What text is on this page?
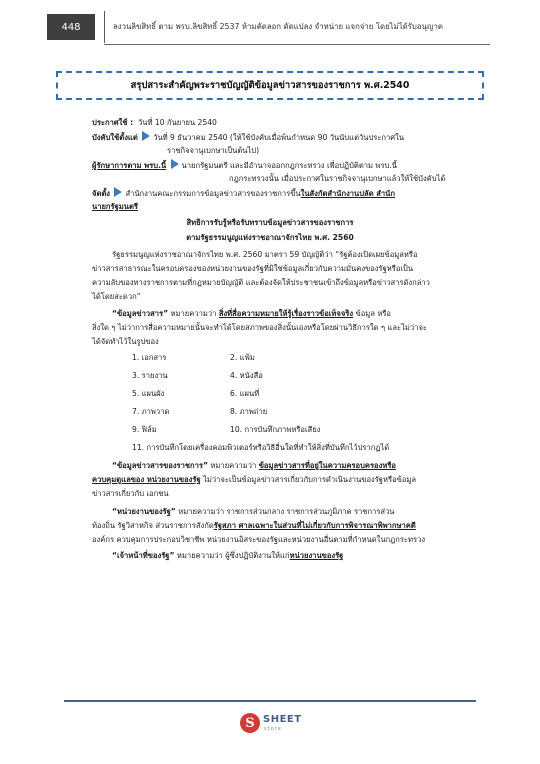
448	ลงวนลิขสิทธิ์ ตาม พรบ.ลิขสิทธิ์ 2537 ห้ามคัดลอก ดัดแปลง จำหน่าย แจกจ่าย โดยไม่ได้รับอนุญาต
สรุปสาระสำคัญพระราชบัญญัติข้อมูลข่าวสารของราชการ พ.ศ.2540
ประกาศใช้ : วันที่ 10 กันยายน 2540
บังคับใช้ตั้งแต่ วันที่ 9 ธันวาคม 2540 (ให้ใช้บังคับเมื่อพ้นกำหนด 90 วันนับแต่วันประกาศใน
ราชกิจจานุเบกษาเป็นต้นไป)
ผู้รักษาการตาม พรบ.นี้ นายกรัฐมนตรี และมีอำนาจออกกฎกระทรวง เพื่อปฏิบัติตาม พรบ.นี้
กฎกระทรวงนั้น เมื่อประกาศในราชกิจจานุเบกษาแล้วให้ใช้บังคับได้
จัดตั้ง สำนักงานคณะกรรมการข้อมูลข่าวสารของราชการขึ้นในสังกัดสำนักงานปลัด สำนัก
นายกรัฐมนตรี
สิทธิการรับรู้หรือรับทราบข้อมูลข่าวสารของราชการ
ตามรัฐธรรมนูญแห่งราชอาณาจักรไทย พ.ศ. 2560
รัฐธรรมนูญแห่งราชอาณาจักรไทย พ.ศ. 2560 มาตรา 59 บัญญัติว่า “รัฐต้องเปิดเผยข้อมูลหรือ
ข่าวสารสาธารณะในครอบครองของหน่วยงานของรัฐที่มิใช่ข้อมูลเกี่ยวกับความมั่นคงของรัฐหรือเป็น
ความลับของทางราชการตามที่กฎหมายบัญญัติ และต้องจัดให้ประชาชนเข้าถึงข้อมูลหรือข่าวสารดังกล่าว
ได้โดยสะดวก”
“ข้อมูลข่าวสาร” หมายความว่า สิ่งที่สื่อความหมายให้รู้เรื่องราวข้อเท็จจริง ข้อมูล หรือ
สิ่งใด ๆ ไม่ว่าการสื่อความหมายนั้นจะทำได้โดยสภาพของสิ่งนั้นเองหรือโดยผ่านวิธีการใด ๆ และไม่ว่าจะ
ได้จัดทำไว้ในรูปของ
1. เอกสาร	2. แฟ้ม
3. รายงาน	4. หนังสือ
5. แผนผัง	6. แผนที่
7. ภาพวาด	8. ภาพถ่าย
9. ฟิล์ม	10. การบันทึกภาพหรือเสียง
11. การบันทึกโดยเครื่องคอมพิวเตอร์หรือวิธีอื่นใดที่ทำให้สิ่งที่บันทึกไว้ปรากฏได้
“ข้อมูลข่าวสารของราชการ” หมายความว่า ข้อมูลข่าวสารที่อยู่ในความครอบครองหรือ
ควบคุมดูแลของ หน่วยงานของรัฐ ไม่ว่าจะเป็นข้อมูลข่าวสารเกี่ยวกับการดำเนินงานของรัฐหรือข้อมูล
ข่าวสารเกี่ยวกับ เอกชน
“หน่วยงานของรัฐ” หมายความว่า ราชการส่วนกลาง ราชการส่วนภูมิภาค ราชการส่วน
ท้องถิ่น รัฐวิสาหกิจ ส่วนราชการสังกัดรัฐสภา ศาลเฉพาะในส่วนที่ไม่เกี่ยวกับการพิจารณาพิพากษาคดี
องค์กร ควบคุมการประกอบวิชาชีพ หน่วยงานอิสระของรัฐและหน่วยงานอื่นตามที่กำหนดในกฎกระทรวง
“เจ้าหน้าที่ของรัฐ” หมายความว่า ผู้ซึ่งปฏิบัติงานให้แก่หน่วยงานของรัฐ
S SHEET
store
